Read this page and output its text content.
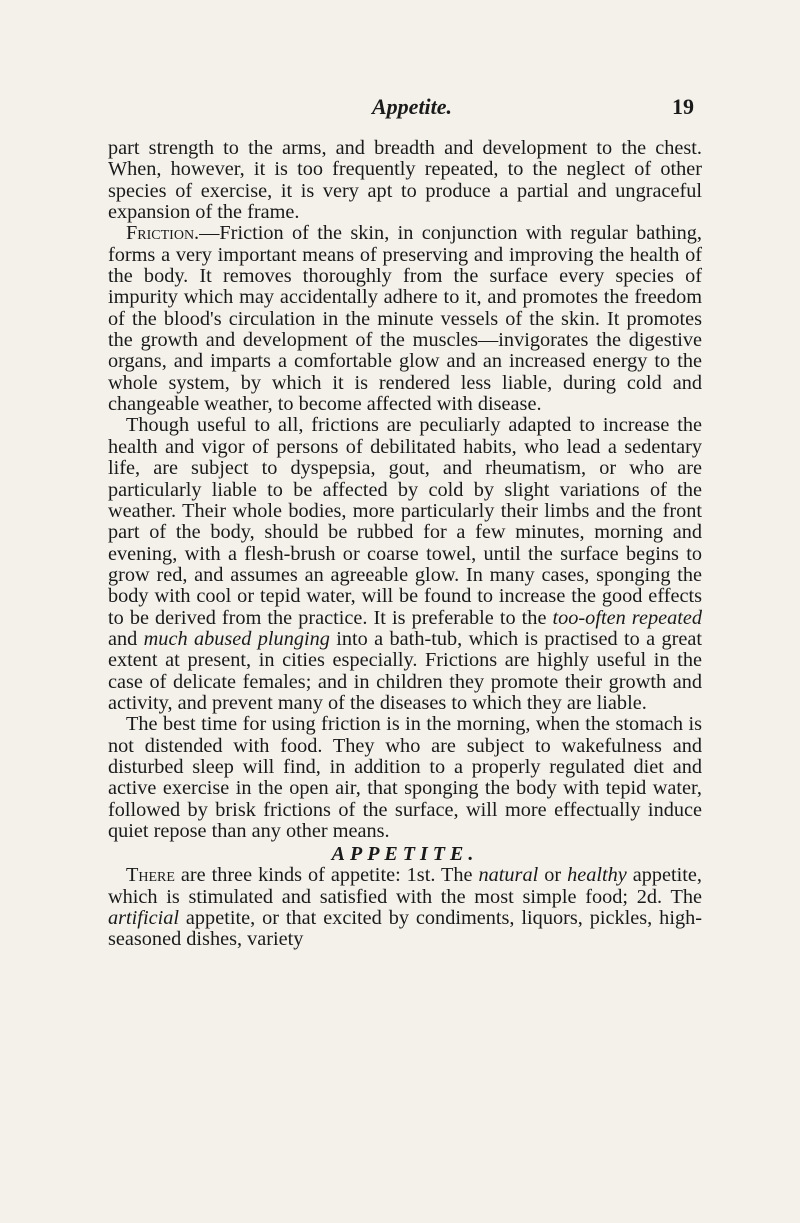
Appetite.	19

part strength to the arms, and breadth and development to the chest. When, however, it is too frequently repeated, to the neglect of other species of exercise, it is very apt to produce a partial and ungraceful expansion of the frame.

Friction.—Friction of the skin, in conjunction with regular bathing, forms a very important means of preserving and improving the health of the body. It removes thoroughly from the surface every species of impurity which may accidentally adhere to it, and promotes the freedom of the blood's circulation in the minute vessels of the skin. It promotes the growth and development of the muscles—invigorates the digestive organs, and imparts a comfortable glow and an increased energy to the whole system, by which it is rendered less liable, during cold and changeable weather, to become affected with disease.

Though useful to all, frictions are peculiarly adapted to increase the health and vigor of persons of debilitated habits, who lead a sedentary life, are subject to dyspepsia, gout, and rheumatism, or who are particularly liable to be affected by cold by slight variations of the weather. Their whole bodies, more particularly their limbs and the front part of the body, should be rubbed for a few minutes, morning and evening, with a flesh-brush or coarse towel, until the surface begins to grow red, and assumes an agreeable glow. In many cases, sponging the body with cool or tepid water, will be found to increase the good effects to be derived from the practice. It is preferable to the too-often repeated and much abused plunging into a bath-tub, which is practised to a great extent at present, in cities especially. Frictions are highly useful in the case of delicate females; and in children they promote their growth and activity, and prevent many of the diseases to which they are liable.

The best time for using friction is in the morning, when the stomach is not distended with food. They who are subject to wakefulness and disturbed sleep will find, in addition to a properly regulated diet and active exercise in the open air, that sponging the body with tepid water, followed by brisk frictions of the surface, will more effectually induce quiet repose than any other means.

APPETITE.

There are three kinds of appetite: 1st. The natural or healthy appetite, which is stimulated and satisfied with the most simple food; 2d. The artificial appetite, or that excited by condiments, liquors, pickles, high-seasoned dishes, variety
